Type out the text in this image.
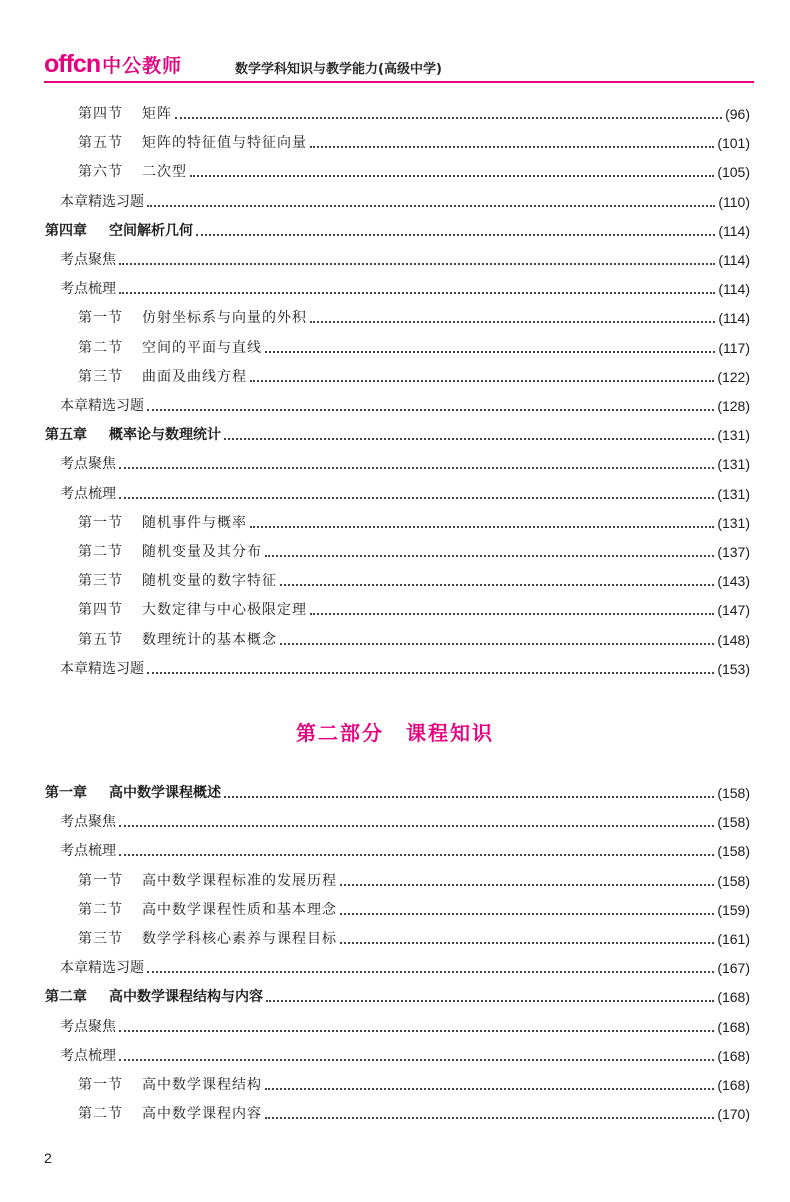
offcn 中公教师	数学学科知识与教学能力(高级中学)
第四节 矩阵	(96)
第五节 矩阵的特征值与特征向量	(101)
第六节 二次型	(105)
本章精选习题	(110)
第四章 空间解析几何	(114)
考点聚焦	(114)
考点梳理	(114)
第一节 仿射坐标系与向量的外积	(114)
第二节 空间的平面与直线	(117)
第三节 曲面及曲线方程	(122)
本章精选习题	(128)
第五章 概率论与数理统计	(131)
考点聚焦	(131)
考点梳理	(131)
第一节 随机事件与概率	(131)
第二节 随机变量及其分布	(137)
第三节 随机变量的数字特征	(143)
第四节 大数定律与中心极限定理	(147)
第五节 数理统计的基本概念	(148)
本章精选习题	(153)
第二部分　课程知识
第一章 高中数学课程概述	(158)
考点聚焦	(158)
考点梳理	(158)
第一节 高中数学课程标准的发展历程	(158)
第二节 高中数学课程性质和基本理念	(159)
第三节 数学学科核心素养与课程目标	(161)
本章精选习题	(167)
第二章 高中数学课程结构与内容	(168)
考点聚焦	(168)
考点梳理	(168)
第一节 高中数学课程结构	(168)
第二节 高中数学课程内容	(170)
2
